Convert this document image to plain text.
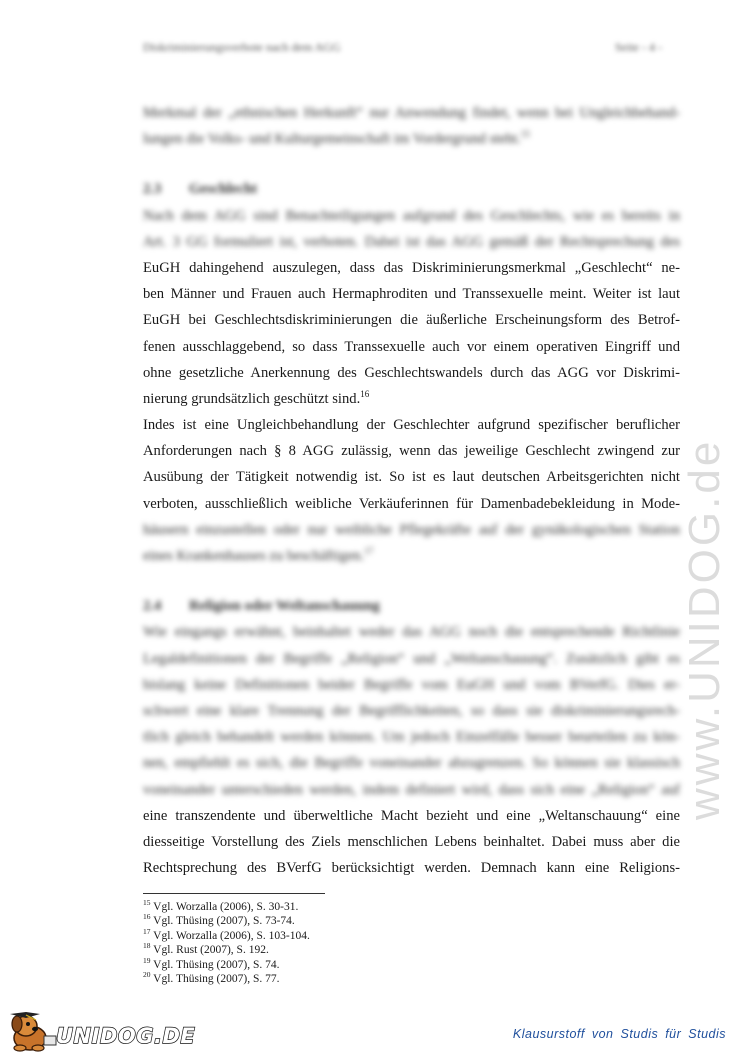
Diskriminierungsverbote nach dem AGG	Seite - 4 -
www.UNIDOG.de
Merkmal der „ethnischen Herkunft“ nur Anwendung findet, wenn bei Ungleichbehand-
lungen die Volks- und Kulturgemeinschaft im Vordergrund steht.$^{15}$
2.3 Geschlecht
Nach dem AGG sind Benachteiligungen aufgrund des Geschlechts, wie es bereits in
Art. 3 GG formuliert ist, verboten. Dabei ist das AGG gemäß der Rechtsprechung des
EuGH dahingehend auszulegen, dass das Diskriminierungsmerkmal „Geschlecht“ ne-
ben Männer und Frauen auch Hermaphroditen und Transsexuelle meint. Weiter ist laut
EuGH bei Geschlechtsdiskriminierungen die äußerliche Erscheinungsform des Betrof-
fenen ausschlaggebend, so dass Transsexuelle auch vor einem operativen Eingriff und
ohne gesetzliche Anerkennung des Geschlechtswandels durch das AGG vor Diskrimi-
nierung grundsätzlich geschützt sind.$^{16}$
Indes ist eine Ungleichbehandlung der Geschlechter aufgrund spezifischer beruflicher
Anforderungen nach § 8 AGG zulässig, wenn das jeweilige Geschlecht zwingend zur
Ausübung der Tätigkeit notwendig ist. So ist es laut deutschen Arbeitsgerichten nicht
verboten, ausschließlich weibliche Verkäuferinnen für Damenbadebekleidung in Mode-
häusern einzustellen oder nur weibliche Pflegekräfte auf der gynäkologischen Station
eines Krankenhauses zu beschäftigen.$^{17}$
2.4 Religion oder Weltanschauung
Wie eingangs erwähnt, beinhaltet weder das AGG noch die entsprechende Richtlinie
Legaldefinitionen der Begriffe „Religion“ und „Weltanschauung“. Zusätzlich gibt es
bislang keine Definitionen beider Begriffe vom EuGH und vom BVerfG. Dies er-
schwert eine klare Trennung der Begrifflichkeiten, so dass sie diskriminierungsrech-
tlich gleich behandelt werden können. Um jedoch Einzelfälle besser beurteilen zu kön-
nen, empfiehlt es sich, die Begriffe voneinander abzugrenzen. So können sie klassisch
voneinander unterschieden werden, indem definiert wird, dass sich eine „Religion“ auf
eine transzendente und überweltliche Macht bezieht und eine „Weltanschauung“ eine
diesseitige Vorstellung des Ziels menschlichen Lebens beinhaltet. Dabei muss aber die
Rechtsprechung des BVerfG berücksichtigt werden. Demnach kann eine Religions-
$^{15}$ Vgl. Worzalla (2006), S. 30-31.
$^{16}$ Vgl. Thüsing (2007), S. 73-74.
$^{17}$ Vgl. Worzalla (2006), S. 103-104.
$^{18}$ Vgl. Rust (2007), S. 192.
$^{19}$ Vgl. Thüsing (2007), S. 74.
$^{20}$ Vgl. Thüsing (2007), S. 77.
UNIDOG.DE	Klausurstoff von Studis für Studis
